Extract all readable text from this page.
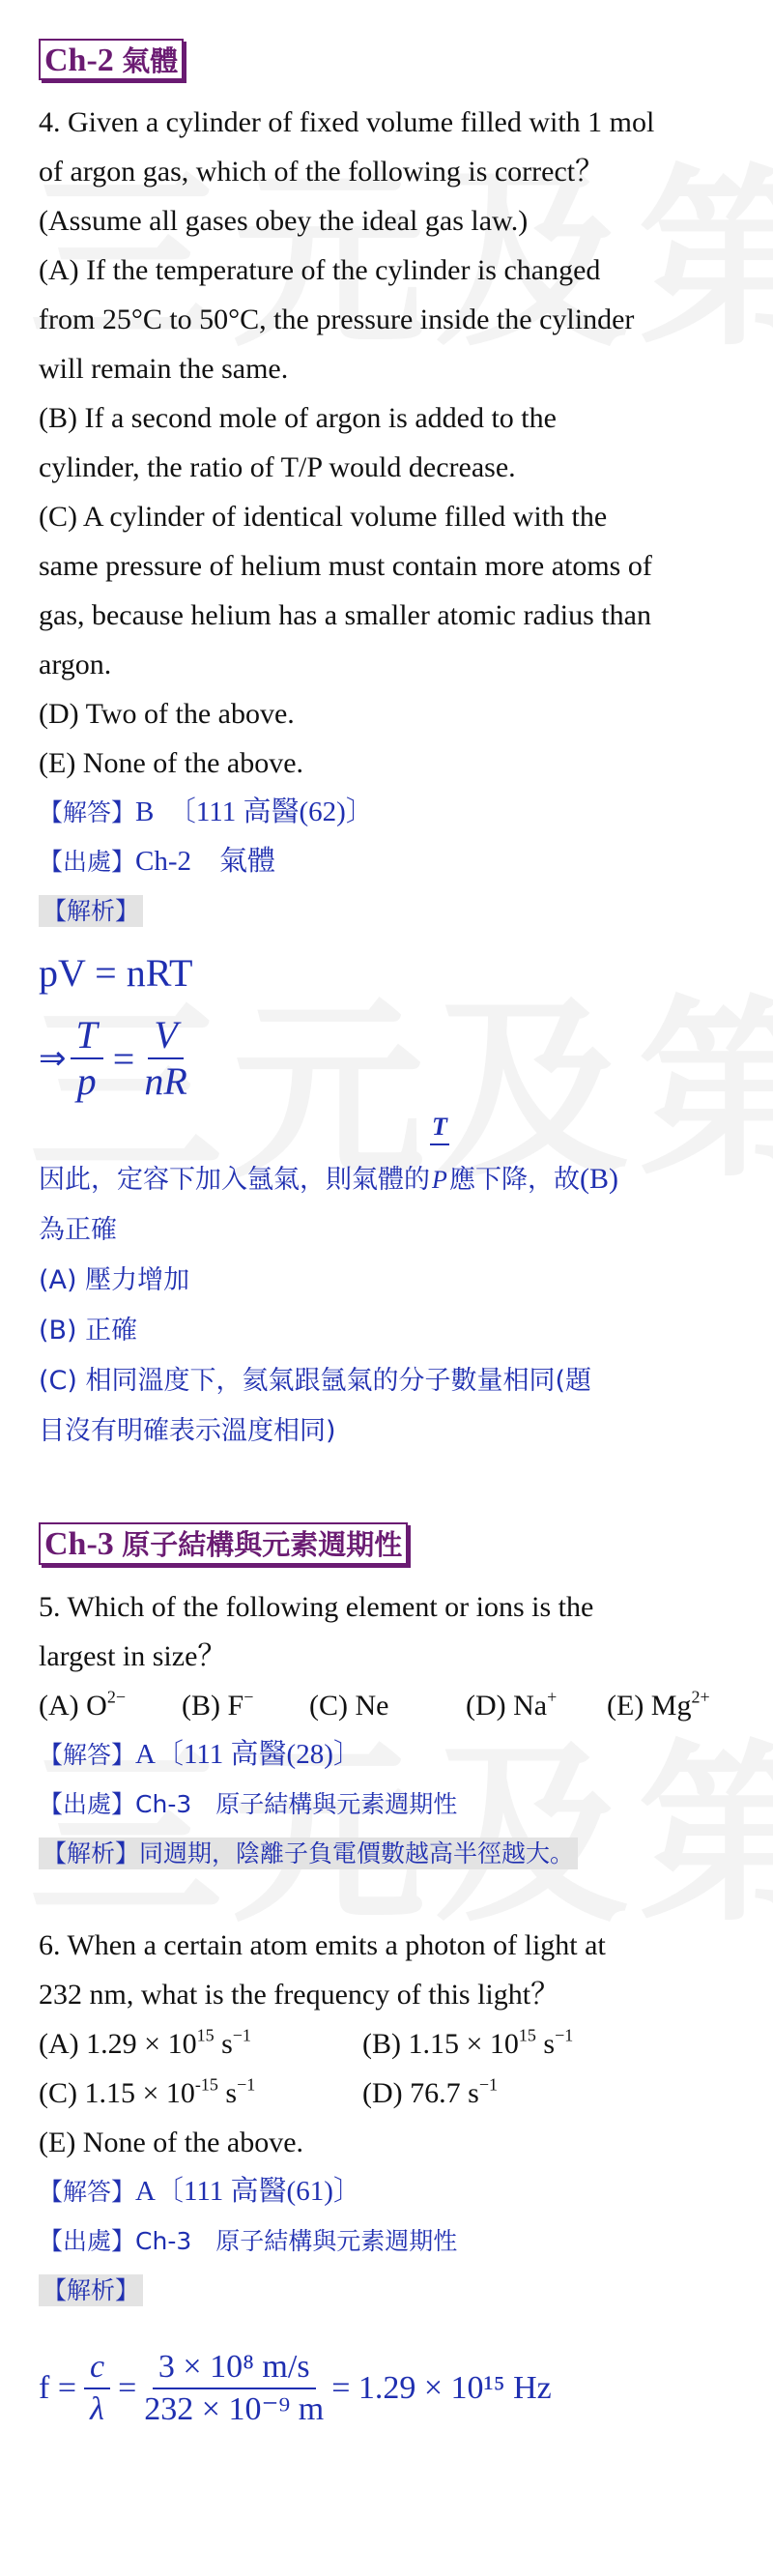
Ch-2 氣體
4. Given a cylinder of fixed volume filled with 1 mol
of argon gas, which of the following is correct？
(Assume all gases obey the ideal gas law.)
(A) If the temperature of the cylinder is changed
from 25°C to 50°C, the pressure inside the cylinder
will remain the same.
(B) If a second mole of argon is added to the
cylinder, the ratio of T/P would decrease.
(C) A cylinder of identical volume filled with the
same pressure of helium must contain more atoms of
gas, because helium has a smaller atomic radius than
argon.
(D) Two of the above.
(E) None of the above.
【解答】B　〔111 高醫(62)〕
【出處】Ch-2　氣體
【解析】
pV = nRT
⇒ $\frac{T}{p} = \frac{V}{nR}$
因此，定容下加入氬氣，則氣體的 $\frac{T}{P}$應下降，故(B)
為正確
(A) 壓力增加
(B) 正確
(C) 相同溫度下，氦氣跟氬氣的分子數量相同(題
目沒有明確表示溫度相同)
Ch-3 原子結構與元素週期性
5. Which of the following element or ions is the
largest in size？
(A) $O^{2-}$	(B) F−	(C) Ne	(D) Na+	(E) $Mg^{2+}$
【解答】A〔111 高醫(28)〕
【出處】Ch-3　原子結構與元素週期性
【解析】同週期，陰離子負電價數越高半徑越大。
6. When a certain atom emits a photon of light at
232 nm, what is the frequency of this light？
(A) $1.29 \times 10^{15}$ $s^{-1}$	(B) $1.15 \times 10^{15}$ $s^{-1}$
(C) $1.15 \times 10^{-15}$ $s^{-1}$	(D) 76.7 $s^{-1}$
(E) None of the above.
【解答】A〔111 高醫(61)〕
【出處】Ch-3　原子結構與元素週期性
【解析】
$f = \frac{c}{\lambda} = \frac{\text{3 × 10⁸ m/s}}{\text{232 × 10⁻⁹ m}} = 1.29 \times 10^{15}$ Hz
